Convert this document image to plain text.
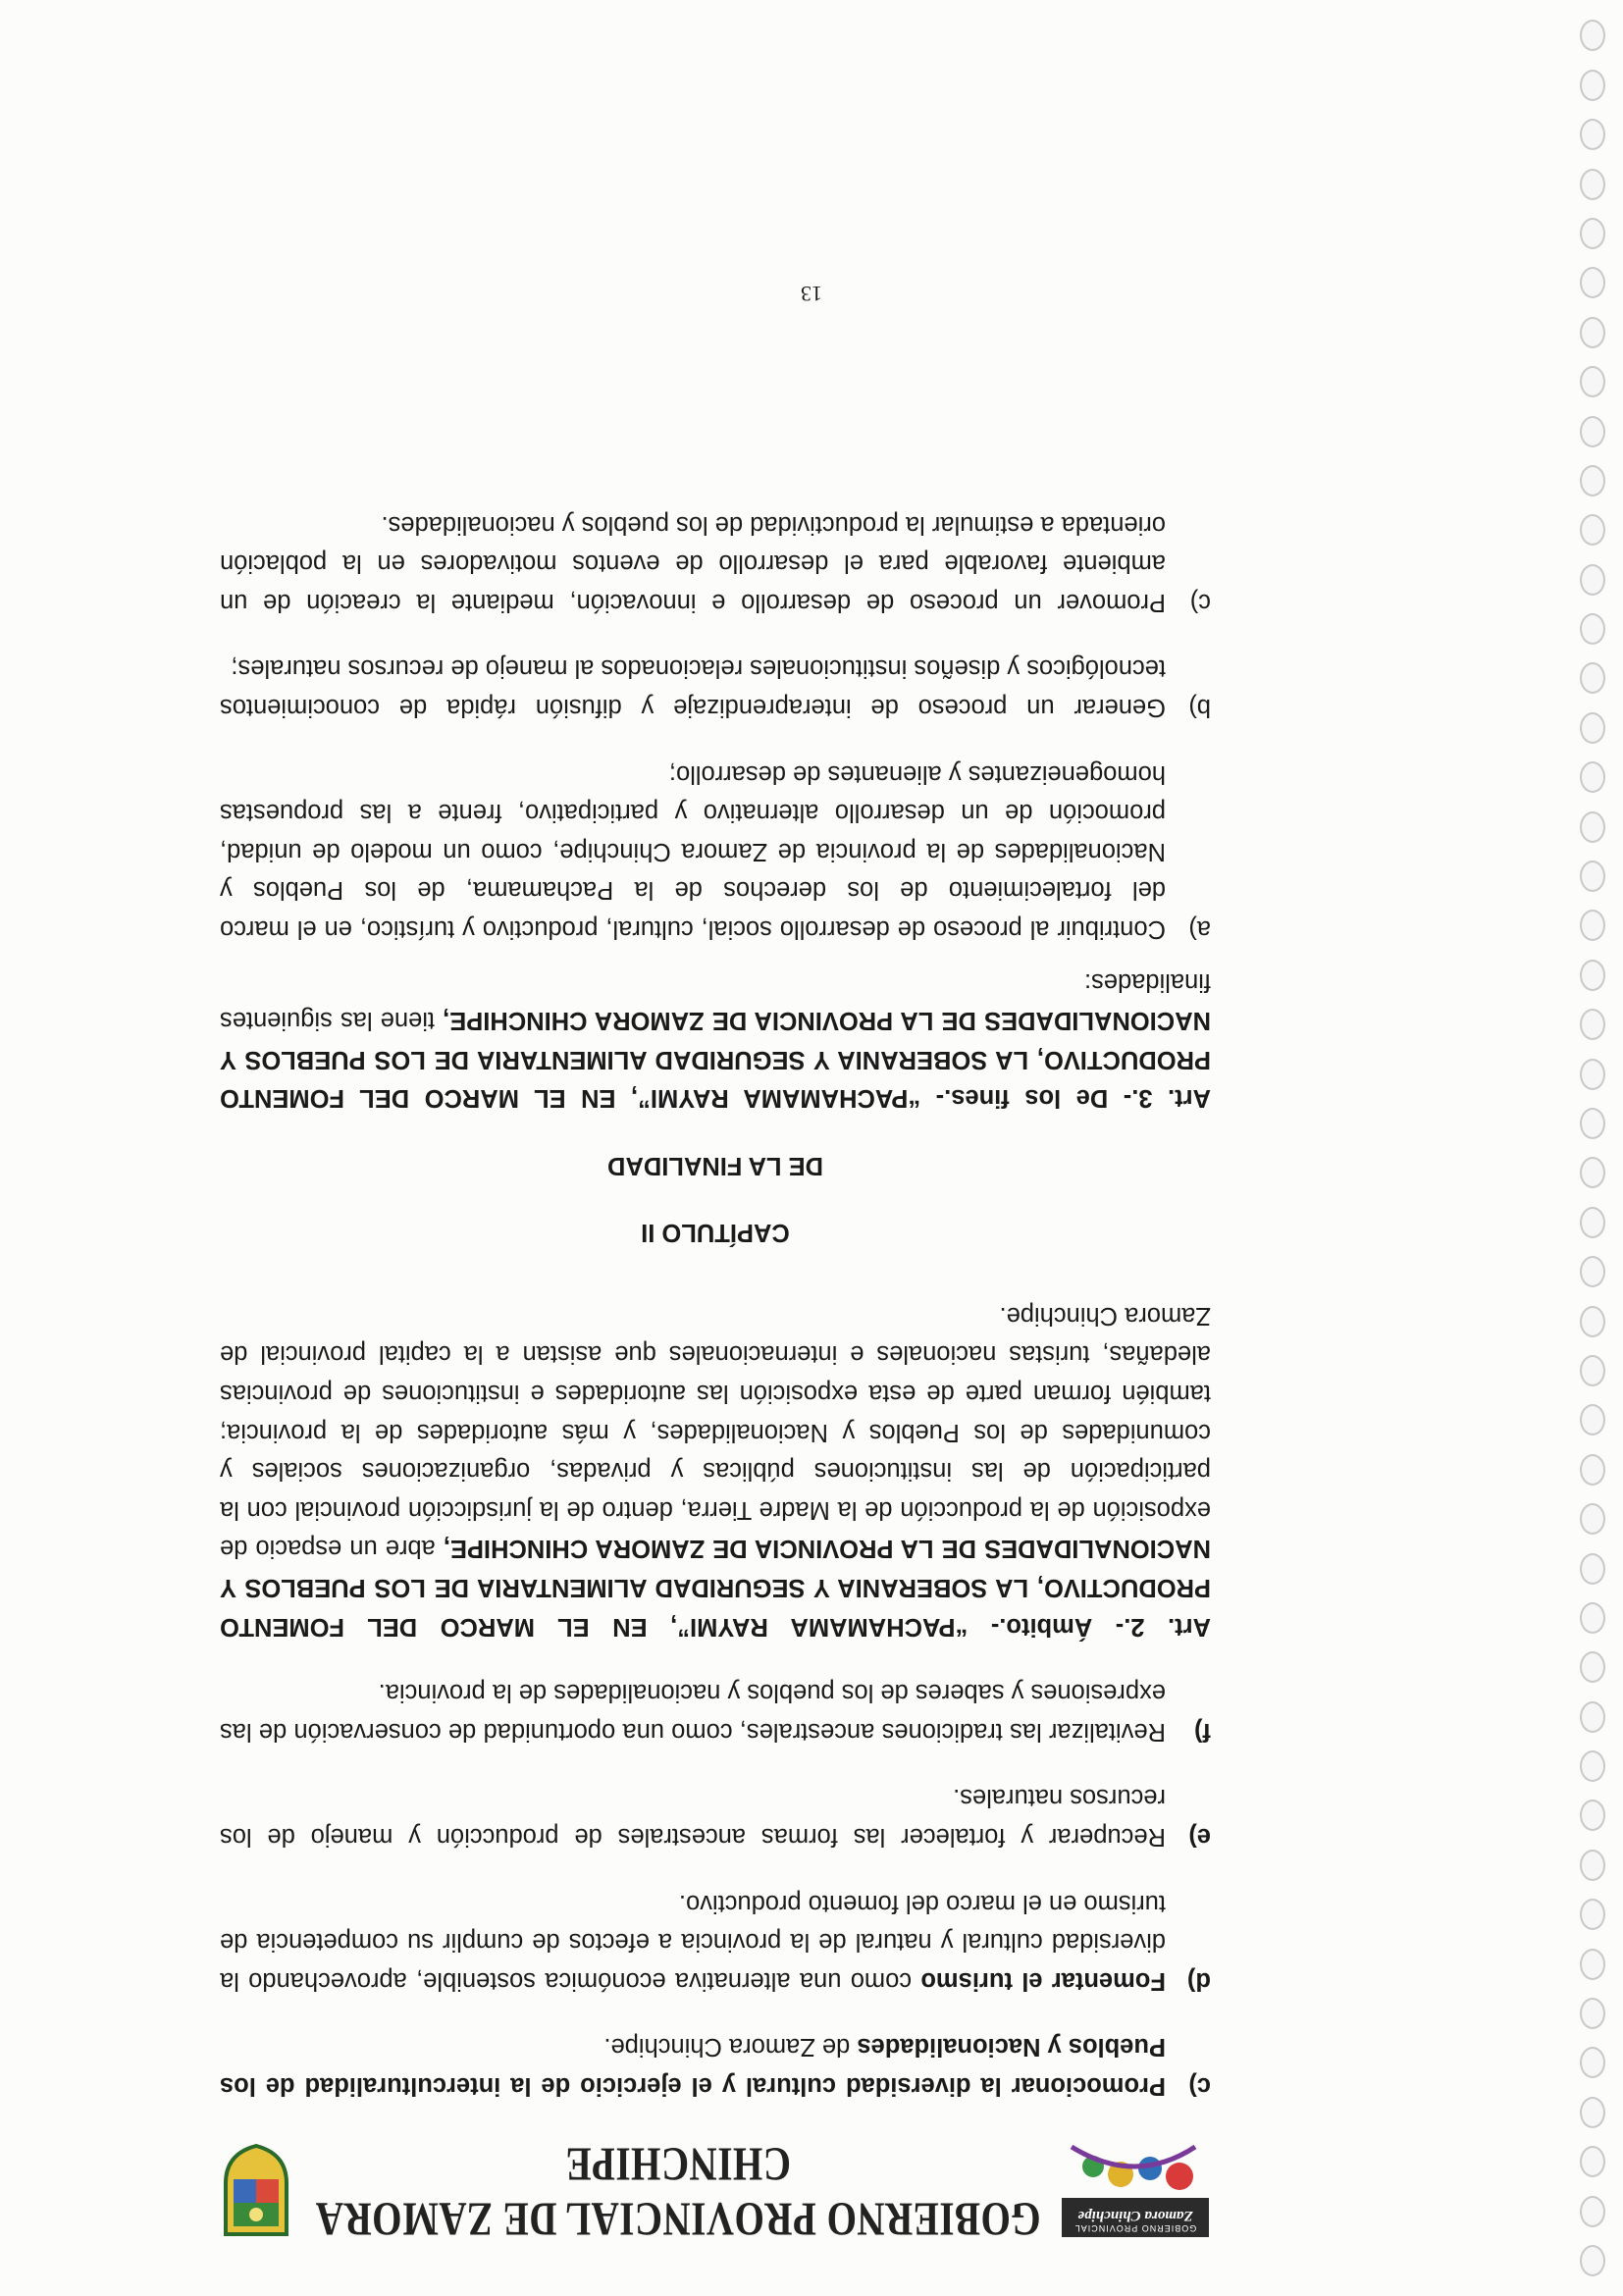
GOBIERNO PROVINCIAL
Zamora Chinchipe
GOBIERNO PROVINCIAL DE ZAMORA CHINCHIPE
c)
Promocionar la diversidad cultural y el ejercicio de la interculturalidad de los Pueblos y Nacionalidades de Zamora Chinchipe.
d)
Fomentar el turismo como una alternativa económica sostenible, aprovechando la diversidad cultural y natural de la provincia a efectos de cumplir su competencia de turismo en el marco del fomento productivo.
e)
Recuperar y fortalecer las formas ancestrales de producción y manejo de los recursos naturales.
f)
Revitalizar las tradiciones ancestrales, como una oportunidad de conservación de las expresiones y saberes de los pueblos y nacionalidades de la provincia.

Art. 2.- Ámbito.- “PACHAMAMA RAYMI”, EN EL MARCO DEL FOMENTO PRODUCTIVO, LA SOBERANIA Y SEGURIDAD ALIMENTARIA DE LOS PUEBLOS Y NACIONALIDADES DE LA PROVINCIA DE ZAMORA CHINCHIPE, abre un espacio de exposición de la producción de la Madre Tierra, dentro de la jurisdicción provincial con la participación de las instituciones públicas y privadas, organizaciones sociales y comunidades de los Pueblos y Nacionalidades, y más autoridades de la provincia; también forman parte de esta exposición las autoridades e instituciones de provincias aledañas, turistas nacionales e internacionales que asistan a la capital provincial de Zamora Chinchipe.

CAPÍTULO II

DE LA FINALIDAD

Art. 3.- De los fines.- “PACHAMAMA RAYMI”, EN EL MARCO DEL FOMENTO PRODUCTIVO, LA SOBERANIA Y SEGURIDAD ALIMENTARIA DE LOS PUEBLOS Y NACIONALIDADES DE LA PROVINCIA DE ZAMORA CHINCHIPE, tiene las siguientes finalidades:

a)
Contribuir al proceso de desarrollo social, cultural, productivo y turístico, en el marco del fortalecimiento de los derechos de la Pachamama, de los Pueblos y Nacionalidades de la provincia de Zamora Chinchipe, como un modelo de unidad, promoción de un desarrollo alternativo y participativo, frente a las propuestas homogeneizantes y alienantes de desarrollo;
b)
Generar un proceso de interaprendizaje y difusión rápida de conocimientos tecnológicos y diseños institucionales relacionados al manejo de recursos naturales;
c)
Promover un proceso de desarrollo e innovación, mediante la creación de un ambiente favorable para el desarrollo de eventos motivadores en la población orientada a estimular la productividad de los pueblos y nacionalidades.
13
